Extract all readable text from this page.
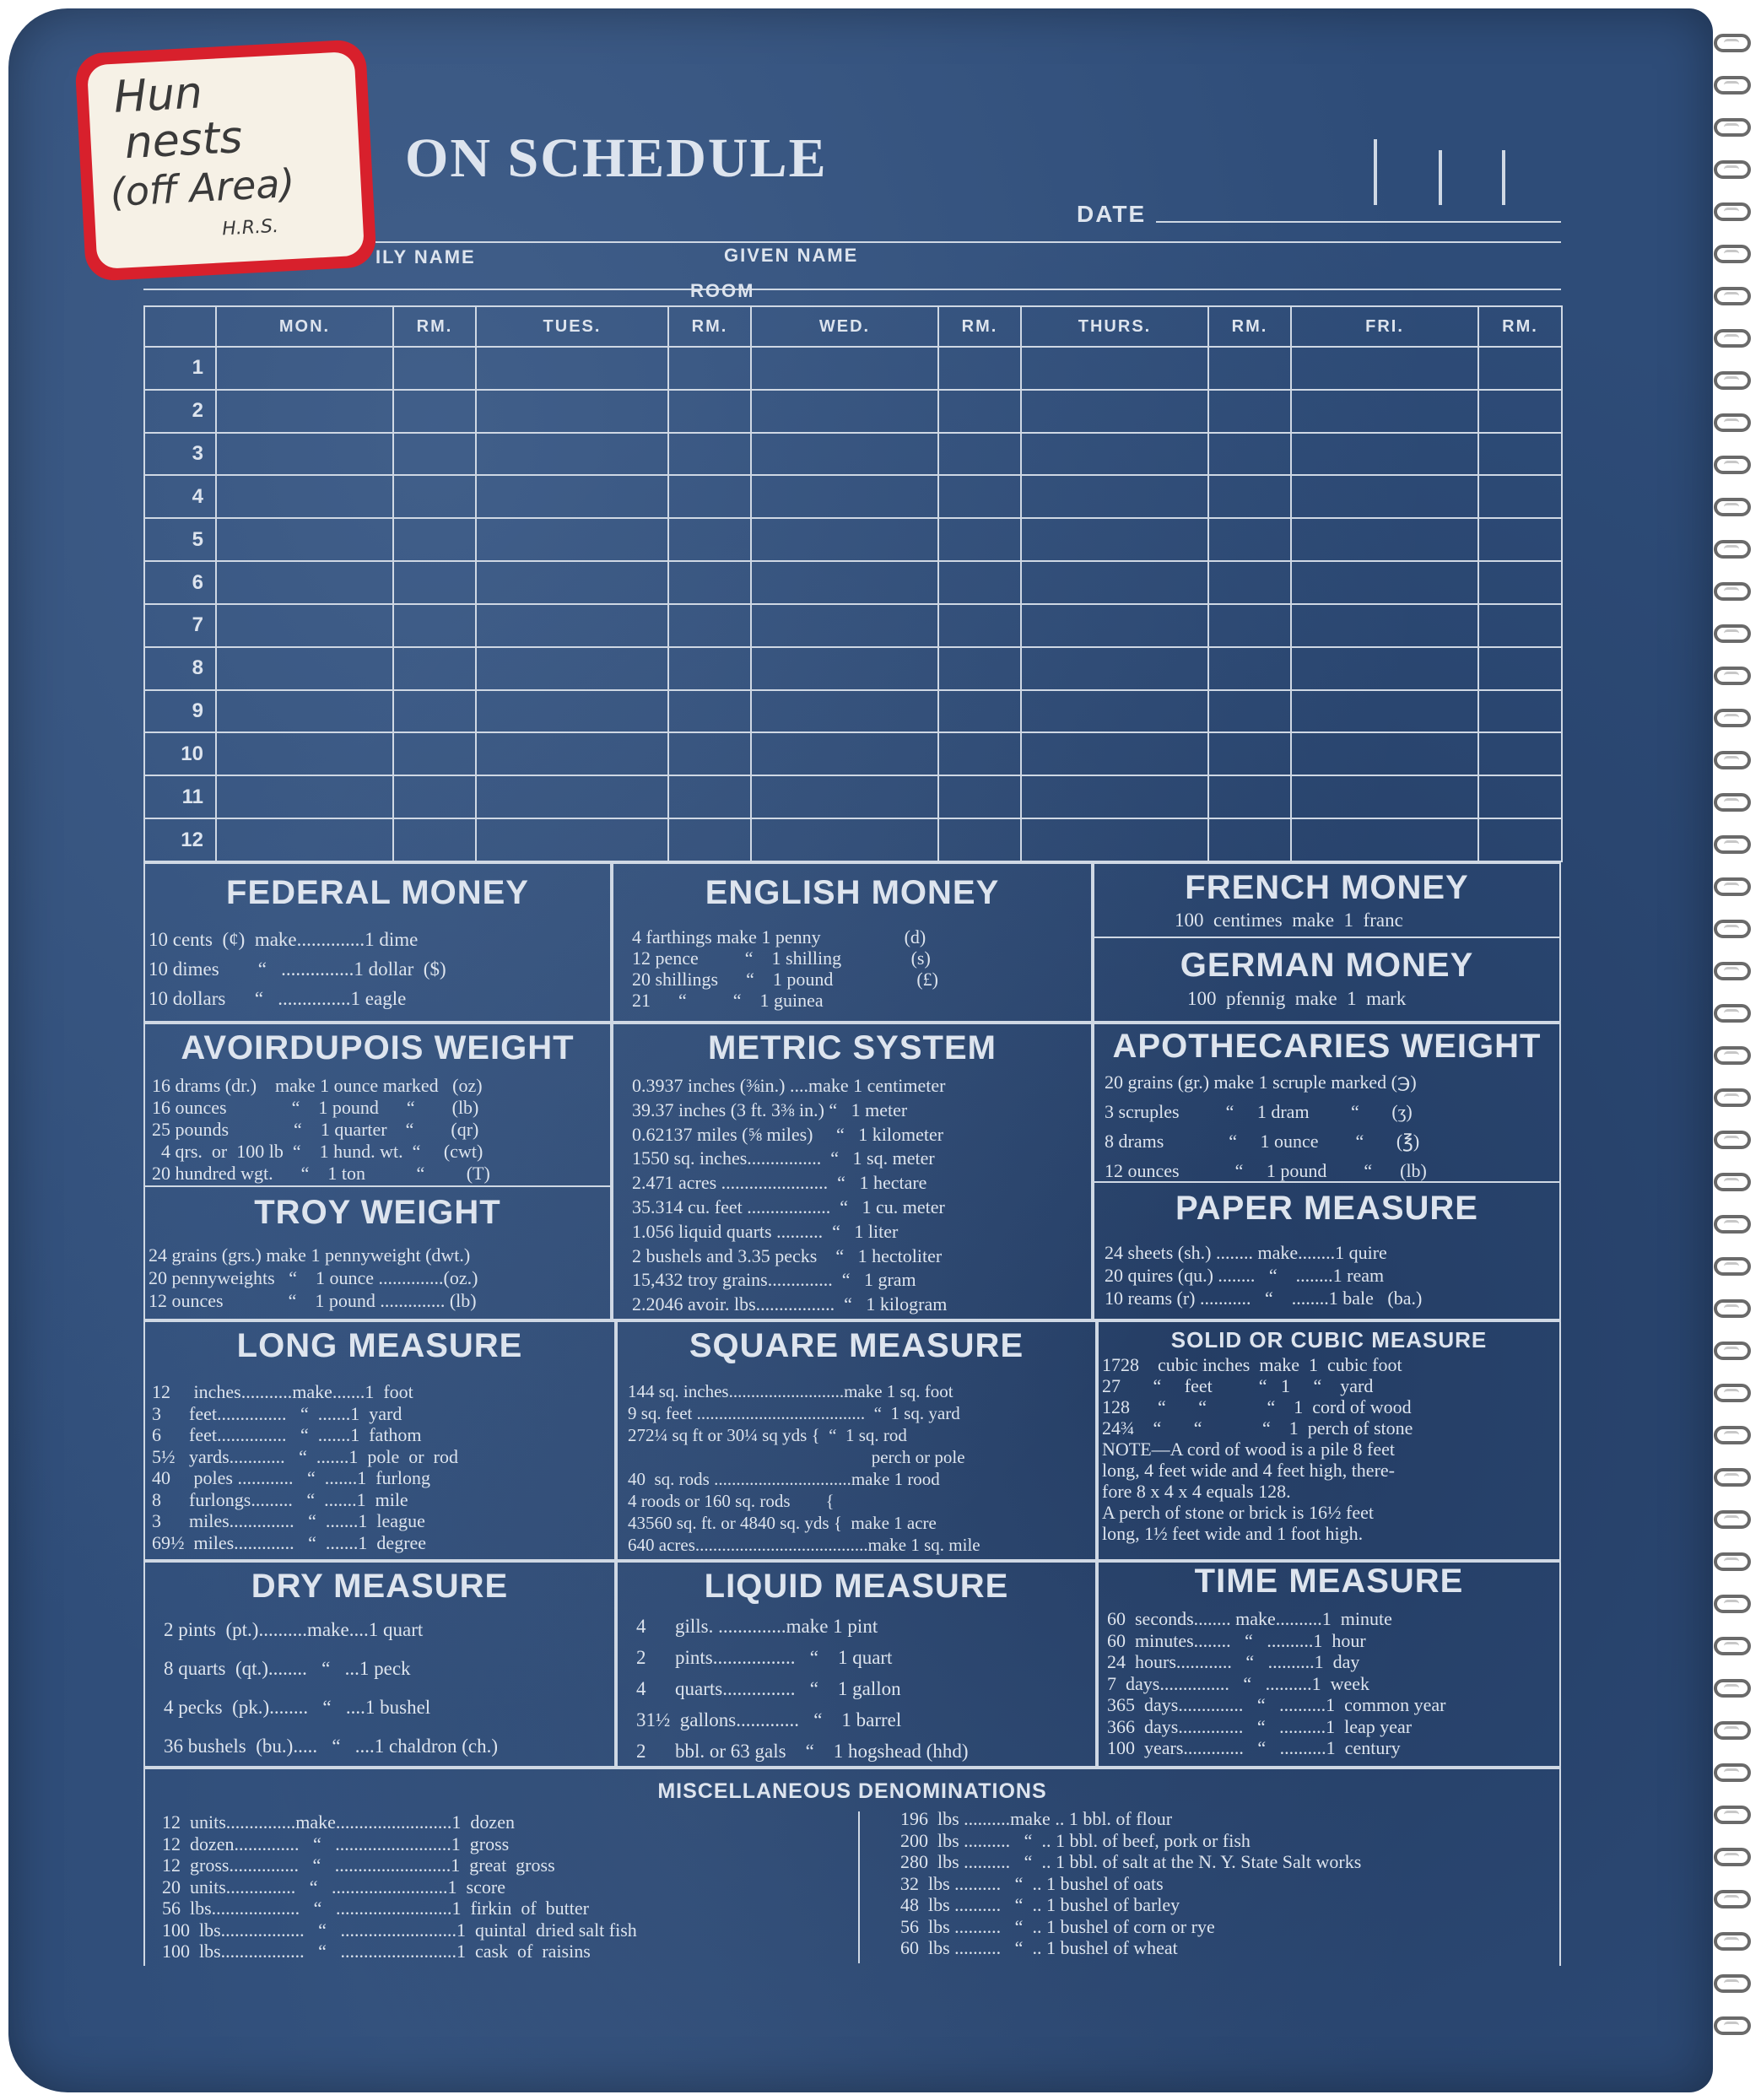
ON SCHEDULE
DATE
ILY NAME	GIVEN NAME
ROOM
Hun
nests
(off Area)
H.R.S.
	MON.	RM.	TUES.	RM.	WED.	RM.	THURS.	RM.	FRI.	RM.
1										
2										
3										
4										
5										
6										
7										
8										
9										
10										
11										
12										
FEDERAL MONEY
10 cents  (¢)  make..............1 dime
10 dimes        “   ...............1 dollar  ($)
10 dollars      “   ...............1 eagle
ENGLISH MONEY
4 farthings make 1 penny                  (d)
12 pence          “    1 shilling               (s)
20 shillings      “    1 pound                  (£)
21      “          “    1 guinea
FRENCH MONEY
100  centimes  make  1  franc
GERMAN MONEY
100  pfennig  make  1  mark
AVOIRDUPOIS WEIGHT
16 drams (dr.)    make 1 ounce marked   (oz)
16 ounces              “    1 pound      “        (lb)
25 pounds              “    1 quarter    “        (qr)
4 qrs.  or  100 lb  “    1 hund. wt.  “     (cwt)
20 hundred wgt.      “    1 ton           “         (T)
TROY WEIGHT
24 grains (grs.) make 1 pennyweight (dwt.)
20 pennyweights   “    1 ounce ..............(oz.)
12 ounces              “    1 pound .............. (lb)
METRIC SYSTEM
0.3937 inches (⅜in.) ....make 1 centimeter
39.37 inches (3 ft. 3⅜ in.) “   1 meter
0.62137 miles (⅝ miles)     “   1 kilometer
1550 sq. inches................  “   1 sq. meter
2.471 acres .......................  “   1 hectare
35.314 cu. feet ..................  “   1 cu. meter
1.056 liquid quarts ..........  “   1 liter
2 bushels and 3.35 pecks    “   1 hectoliter
15,432 troy grains..............  “   1 gram
2.2046 avoir. lbs.................  “   1 kilogram
APOTHECARIES WEIGHT
20 grains (gr.) make 1 scruple marked (℈)
3 scruples          “     1 dram         “       (ʒ)
8 drams              “     1 ounce        “       (℥)
12 ounces            “     1 pound        “      (lb)
PAPER MEASURE
24 sheets (sh.) ........ make........1 quire
20 quires (qu.) ........   “    ........1 ream
10 reams (r) ...........   “    ........1 bale   (ba.)
LONG MEASURE
12     inches...........make.......1  foot
3      feet...............   “  .......1  yard
6      feet...............   “  .......1  fathom
5½   yards............   “  .......1  pole  or  rod
40     poles ............   “  .......1  furlong
8      furlongs.........   “  .......1  mile
3      miles..............   “  .......1  league
69½  miles.............   “  .......1  degree
SQUARE MEASURE
144 sq. inches..........................make 1 sq. foot
9 sq. feet ......................................  “  1 sq. yard
272¼ sq ft or 30¼ sq yds {  “  1 sq. rod
perch or pole
40  sq. rods ...............................make 1 rood
4 roods or 160 sq. rods        {
43560 sq. ft. or 4840 sq. yds {  make 1 acre
640 acres.......................................make 1 sq. mile
SOLID OR CUBIC MEASURE
1728    cubic inches  make  1  cubic foot
27       “     feet          “   1     “    yard
128      “       “             “    1  cord of wood
24¾    “       “             “    1  perch of stone
NOTE—A cord of wood is a pile 8 feet
long, 4 feet wide and 4 feet high, there-
fore 8 x 4 x 4 equals 128.
A perch of stone or brick is 16½ feet
long, 1½ feet wide and 1 foot high.
DRY MEASURE
2 pints  (pt.)..........make....1 quart
8 quarts  (qt.)........   “   ...1 peck
4 pecks  (pk.)........   “   ....1 bushel
36 bushels  (bu.).....   “   ....1 chaldron (ch.)
LIQUID MEASURE
4      gills. ..............make 1 pint
2      pints.................   “    1 quart
4      quarts...............   “    1 gallon
31½  gallons.............   “    1 barrel
2      bbl. or 63 gals    “    1 hogshead (hhd)
TIME MEASURE
60  seconds........ make..........1  minute
60  minutes........   “   ..........1  hour
24  hours............   “   ..........1  day
7  days...............   “   ..........1  week
365  days..............   “   ..........1  common year
366  days..............   “   ..........1  leap year
100  years.............   “   ..........1  century
MISCELLANEOUS DENOMINATIONS
12  units...............make.........................1  dozen
12  dozen..............   “   .........................1  gross
12  gross...............   “   .........................1  great  gross
20  units...............   “   .........................1  score
56  lbs...................   “   .........................1  firkin  of  butter
100  lbs..................   “   .........................1  quintal  dried salt fish
100  lbs..................   “   .........................1  cask  of  raisins
196  lbs ..........make .. 1 bbl. of flour
200  lbs ..........   “  .. 1 bbl. of beef, pork or fish
280  lbs ..........   “  .. 1 bbl. of salt at the N. Y. State Salt works
32  lbs ..........   “  .. 1 bushel of oats
48  lbs ..........   “  .. 1 bushel of barley
56  lbs ..........   “  .. 1 bushel of corn or rye
60  lbs ..........   “  .. 1 bushel of wheat
